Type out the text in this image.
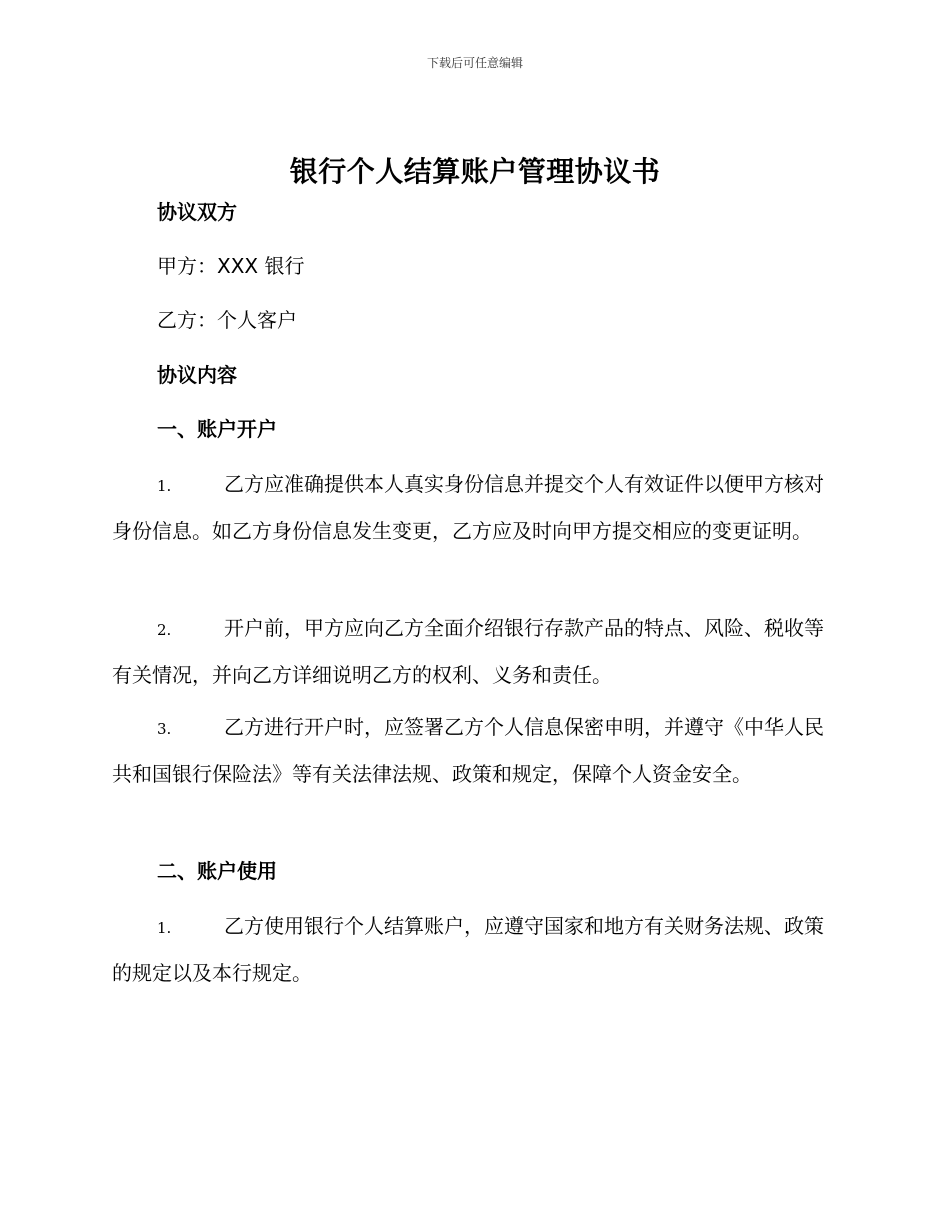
下载后可任意编辑
银行个人结算账户管理协议书
协议双方
甲方：XXX 银行
乙方：个人客户
协议内容
一、账户开户
1.	乙方应准确提供本人真实身份信息并提交个人有效证件以便甲方核对身份信息。如乙方身份信息发生变更，乙方应及时向甲方提交相应的变更证明。
2.	开户前，甲方应向乙方全面介绍银行存款产品的特点、风险、税收等有关情况，并向乙方详细说明乙方的权利、义务和责任。
3.	乙方进行开户时，应签署乙方个人信息保密申明，并遵守《中华人民共和国银行保险法》等有关法律法规、政策和规定，保障个人资金安全。
二、账户使用
1.	乙方使用银行个人结算账户，应遵守国家和地方有关财务法规、政策的规定以及本行规定。
